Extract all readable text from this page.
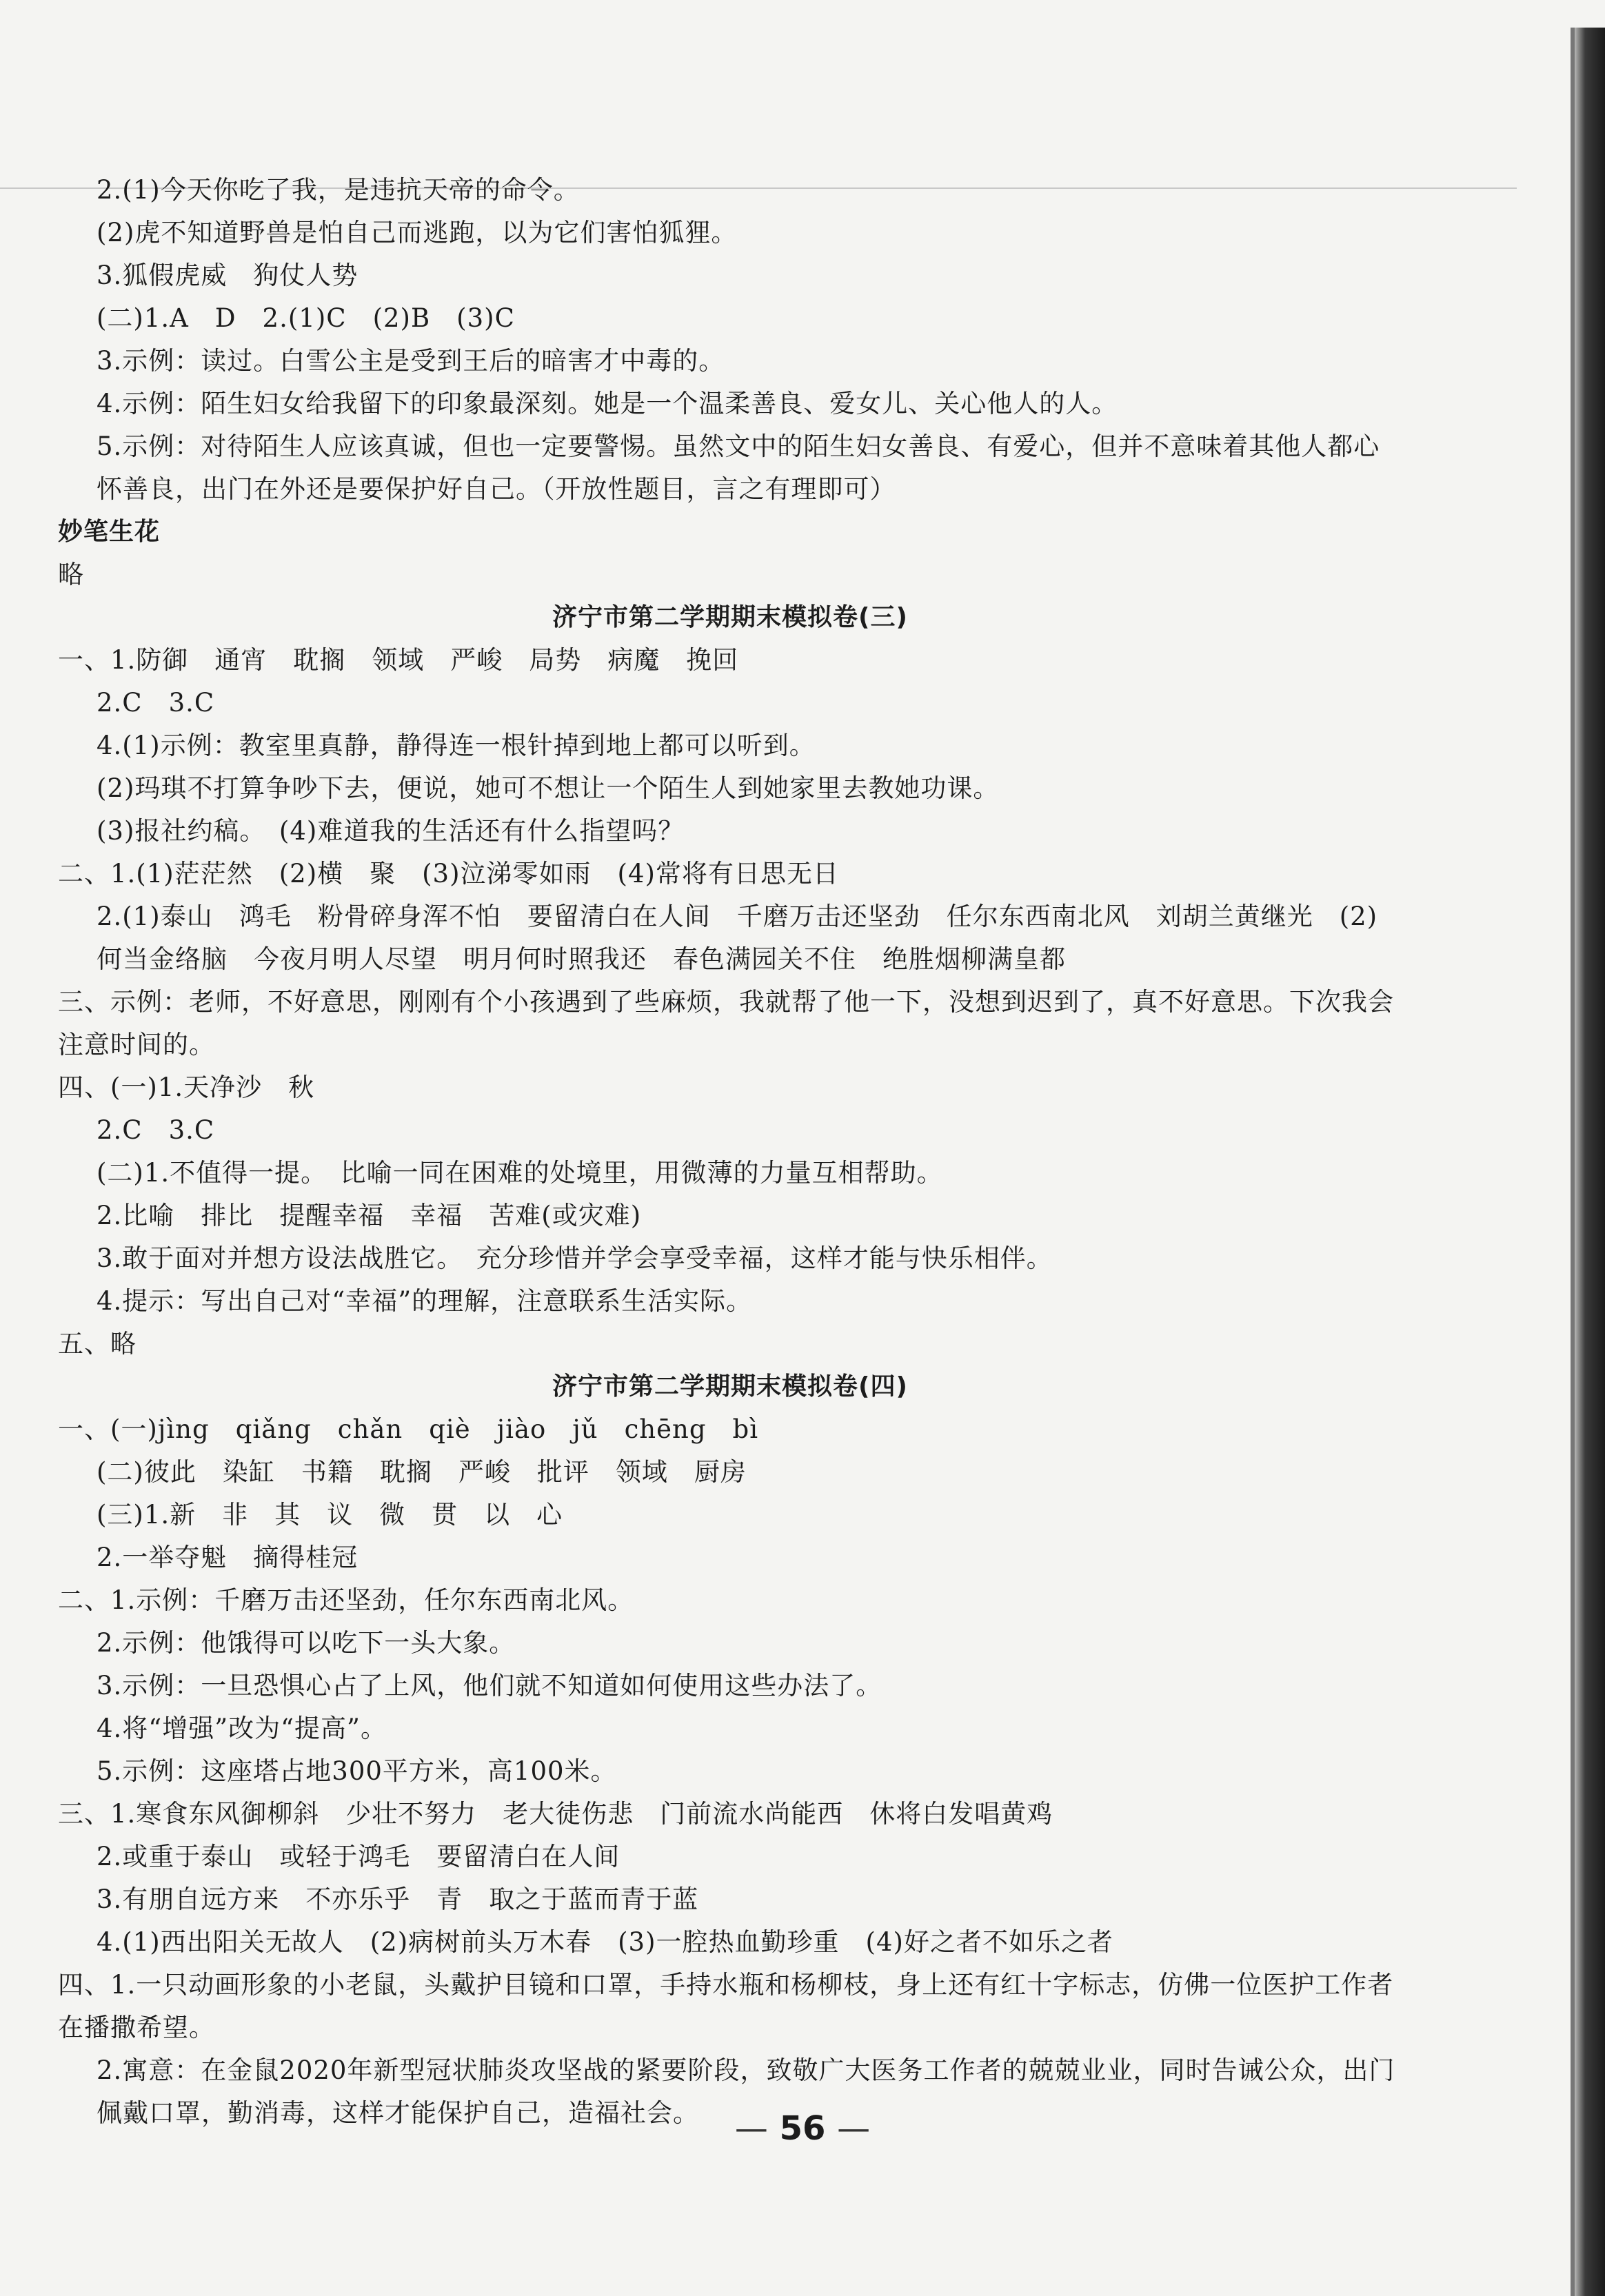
2.(1)今天你吃了我，是违抗天帝的命令。
(2)虎不知道野兽是怕自己而逃跑，以为它们害怕狐狸。
3.狐假虎威　狗仗人势
(二)1.A　D　2.(1)C　(2)B　(3)C
3.示例：读过。白雪公主是受到王后的暗害才中毒的。
4.示例：陌生妇女给我留下的印象最深刻。她是一个温柔善良、爱女儿、关心他人的人。
5.示例：对待陌生人应该真诚，但也一定要警惕。虽然文中的陌生妇女善良、有爱心，但并不意味着其他人都心怀善良，出门在外还是要保护好自己。（开放性题目，言之有理即可）
妙笔生花
略
济宁市第二学期期末模拟卷(三)
一、1.防御　通宵　耽搁　领域　严峻　局势　病魔　挽回
2.C　3.C
4.(1)示例：教室里真静，静得连一根针掉到地上都可以听到。
(2)玛琪不打算争吵下去，便说，她可不想让一个陌生人到她家里去教她功课。
(3)报社约稿。　(4)难道我的生活还有什么指望吗？
二、1.(1)茫茫然　(2)横　聚　(3)泣涕零如雨　(4)常将有日思无日
2.(1)泰山　鸿毛　粉骨碎身浑不怕　要留清白在人间　千磨万击还坚劲　任尔东西南北风　刘胡兰黄继光　(2)何当金络脑　今夜月明人尽望　明月何时照我还　春色满园关不住　绝胜烟柳满皇都
三、示例：老师，不好意思，刚刚有个小孩遇到了些麻烦，我就帮了他一下，没想到迟到了，真不好意思。下次我会注意时间的。
四、(一)1.天净沙　秋
2.C　3.C
(二)1.不值得一提。　比喻一同在困难的处境里，用微薄的力量互相帮助。
2.比喻　排比　提醒幸福　幸福　苦难(或灾难)
3.敢于面对并想方设法战胜它。　充分珍惜并学会享受幸福，这样才能与快乐相伴。
4.提示：写出自己对“幸福”的理解，注意联系生活实际。
五、略
济宁市第二学期期末模拟卷(四)
一、(一)jìng　qiǎng　chǎn　qiè　jiào　jǔ　chēng　bì
(二)彼此　染缸　书籍　耽搁　严峻　批评　领域　厨房
(三)1.新　非　其　议　微　贯　以　心
2.一举夺魁　摘得桂冠
二、1.示例：千磨万击还坚劲，任尔东西南北风。
2.示例：他饿得可以吃下一头大象。
3.示例：一旦恐惧心占了上风，他们就不知道如何使用这些办法了。
4.将“增强”改为“提高”。
5.示例：这座塔占地300平方米，高100米。
三、1.寒食东风御柳斜　少壮不努力　老大徒伤悲　门前流水尚能西　休将白发唱黄鸡
2.或重于泰山　或轻于鸿毛　要留清白在人间
3.有朋自远方来　不亦乐乎　青　取之于蓝而青于蓝
4.(1)西出阳关无故人　(2)病树前头万木春　(3)一腔热血勤珍重　(4)好之者不如乐之者
四、1.一只动画形象的小老鼠，头戴护目镜和口罩，手持水瓶和杨柳枝，身上还有红十字标志，仿佛一位医护工作者在播撒希望。
2.寓意：在金鼠2020年新型冠状肺炎攻坚战的紧要阶段，致敬广大医务工作者的兢兢业业，同时告诫公众，出门佩戴口罩，勤消毒，这样才能保护自己，造福社会。	— 56 —
